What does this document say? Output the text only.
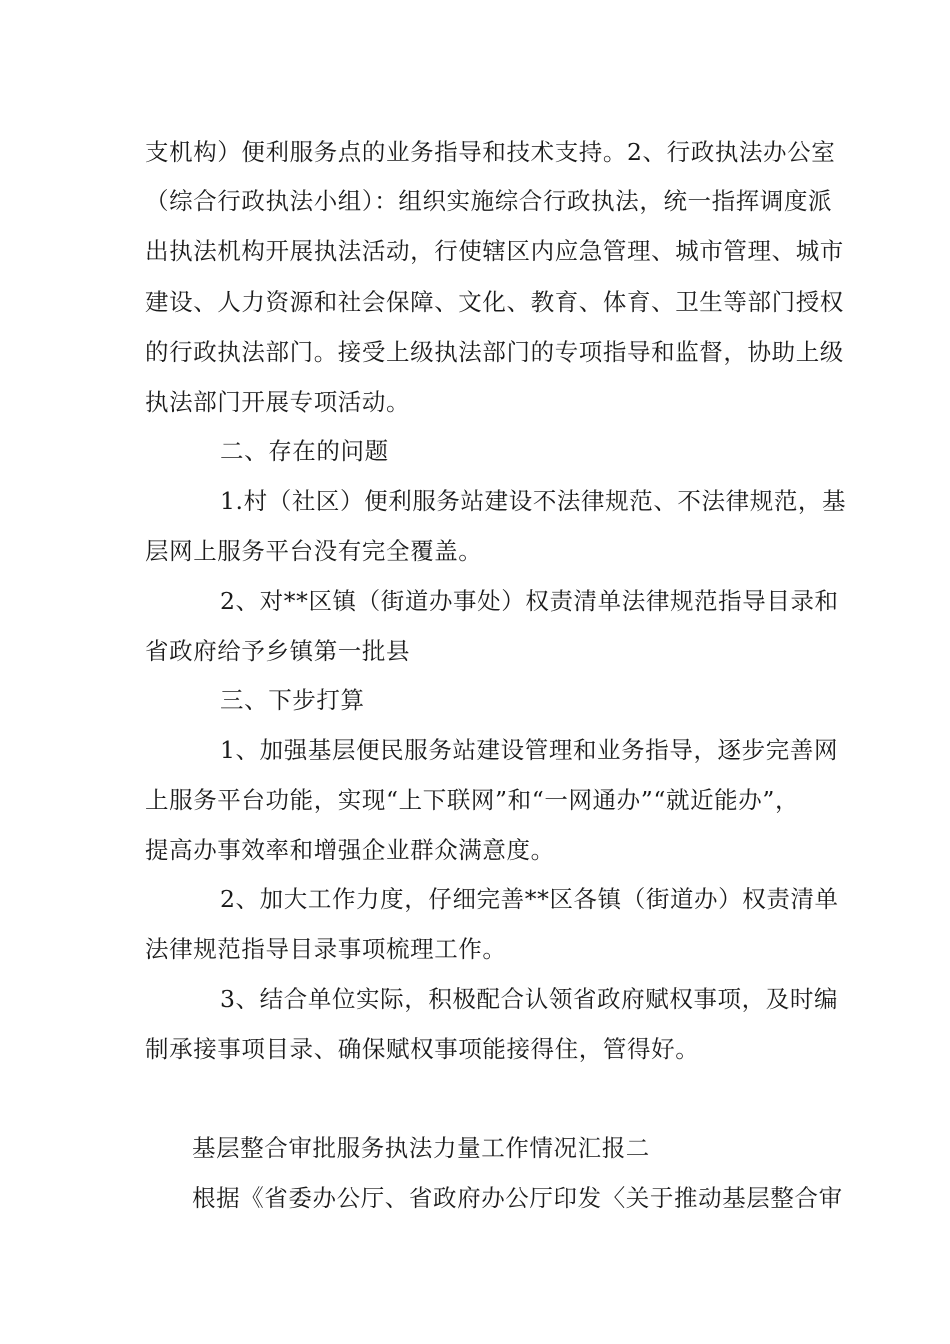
支机构）便利服务点的业务指导和技术支持。2、行政执法办公室
（综合行政执法小组）：组织实施综合行政执法，统一指挥调度派
出执法机构开展执法活动，行使辖区内应急管理、城市管理、城市
建设、人力资源和社会保障、文化、教育、体育、卫生等部门授权
的行政执法部门。接受上级执法部门的专项指导和监督，协助上级
执法部门开展专项活动。
二、存在的问题
1.村（社区）便利服务站建设不法律规范、不法律规范，基
层网上服务平台没有完全覆盖。
2、对**区镇（街道办事处）权责清单法律规范指导目录和
省政府给予乡镇第一批县
三、下步打算
1、加强基层便民服务站建设管理和业务指导，逐步完善网
上服务平台功能，实现“上下联网”和“一网通办”“就近能办”，
提高办事效率和增强企业群众满意度。
2、加大工作力度，仔细完善**区各镇（街道办）权责清单
法律规范指导目录事项梳理工作。
3、结合单位实际，积极配合认领省政府赋权事项，及时编
制承接事项目录、确保赋权事项能接得住，管得好。
基层整合审批服务执法力量工作情况汇报二
根据《省委办公厅、省政府办公厅印发〈关于推动基层整合审
